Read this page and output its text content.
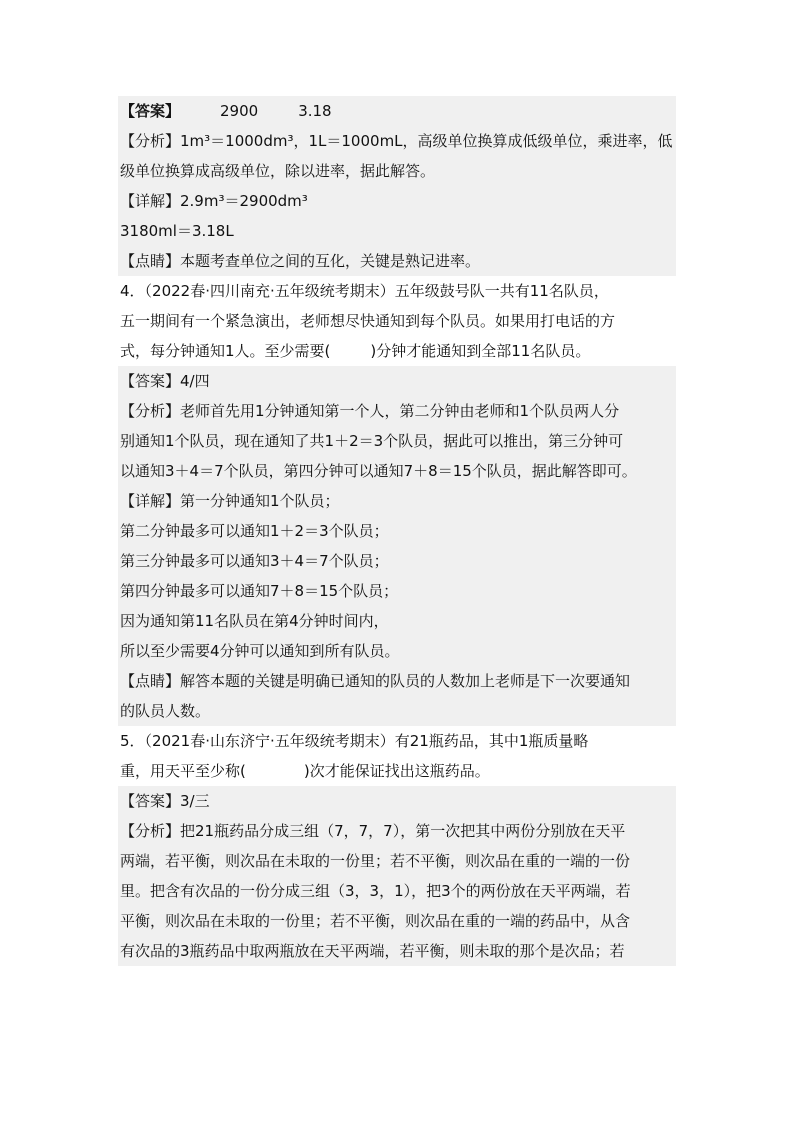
【答案】	2900	3.18
【分析】1m³＝1000dm³，1L＝1000mL，高级单位换算成低级单位，乘进率，低
级单位换算成高级单位，除以进率，据此解答。
【详解】2.9m³＝2900dm³
3180ml＝3.18L
【点睛】本题考查单位之间的互化，关键是熟记进率。
4．（2022春·四川南充·五年级统考期末）五年级鼓号队一共有11名队员，
五一期间有一个紧急演出，老师想尽快通知到每个队员。如果用打电话的方
式，每分钟通知1人。至少需要(	)分钟才能通知到全部11名队员。
【答案】4/四
【分析】老师首先用1分钟通知第一个人，第二分钟由老师和1个队员两人分
别通知1个队员，现在通知了共1＋2＝3个队员，据此可以推出，第三分钟可
以通知3＋4＝7个队员，第四分钟可以通知7＋8＝15个队员，据此解答即可。
【详解】第一分钟通知1个队员；
第二分钟最多可以通知1＋2＝3个队员；
第三分钟最多可以通知3＋4＝7个队员；
第四分钟最多可以通知7＋8＝15个队员；
因为通知第11名队员在第4分钟时间内，
所以至少需要4分钟可以通知到所有队员。
【点睛】解答本题的关键是明确已通知的队员的人数加上老师是下一次要通知
的队员人数。
5．（2021春·山东济宁·五年级统考期末）有21瓶药品，其中1瓶质量略
重，用天平至少称(	)次才能保证找出这瓶药品。
【答案】3/三
【分析】把21瓶药品分成三组（7，7，7），第一次把其中两份分别放在天平
两端，若平衡，则次品在未取的一份里；若不平衡，则次品在重的一端的一份
里。把含有次品的一份分成三组（3，3，1），把3个的两份放在天平两端，若
平衡，则次品在未取的一份里；若不平衡，则次品在重的一端的药品中，从含
有次品的3瓶药品中取两瓶放在天平两端，若平衡，则未取的那个是次品；若
